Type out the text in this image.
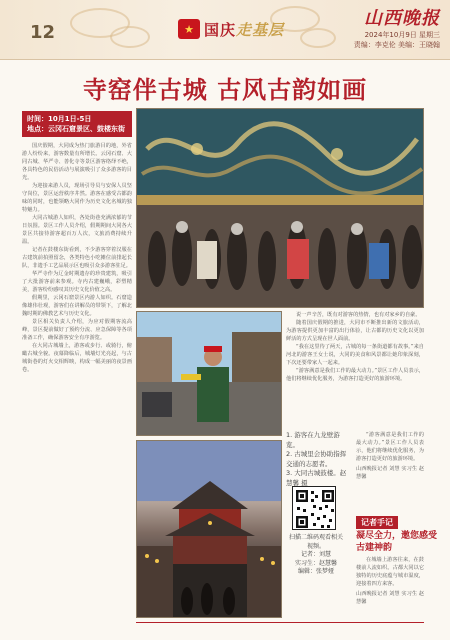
12	★ 国庆走基层
山西晚报
2024年10月9日 星期三
责编：李克伦 美编：王晓翰
寺窑伴古城 古风古韵如画
时间：10月1日-5日
地点：云冈石窟景区、鼓楼东街

国庆假期，大同成为热门旅游目的地，外省游人纷纷来，游客数量有所增长。云冈石窟、大同古城、华严寺、善化寺等景区游客络绎不绝，各具特色的民俗活动与展演吸引了众多游客的目光。

为迎接来游人员，现场引导员与安保人员坚守岗位，景区运营秩序井然。游客在感受古都韵味的同时，也能领略大同作为历史文化名城的独特魅力。

大同古城游人如织，各处街巷充满浓郁的节日氛围。景区工作人员介绍，假期期间大同各大景区共接待游客超百万人次，文旅消费持续升温。

记者在鼓楼东街看到，不少游客穿着汉服在古建筑前拍照留念，各类特色小吃摊位前排起长队，非遗手工艺品展示区也吸引众多游客驻足。

华严寺作为辽金时期遗存的珍贵建筑，吸引了大批游客前来参观。寺内古建巍峨，彩塑精美，游客纷纷感叹其历史文化价值之高。

假期里，云冈石窟景区内游人如织。石窟造像雄伟壮观，游客们在讲解员的带领下，了解北魏时期的佛教艺术与历史文化。

景区相关负责人介绍，为应对假期客流高峰，景区提前做好了预约分流、应急保障等各项准备工作，确保游客安全有序游览。

在大同古城墙上，游客或步行、或骑行，俯瞰古城全貌。夜幕降临后，城墙灯光亮起，与古城街巷的灯火交相辉映，构成一幅美丽的夜景画卷。

说一声辛苦，既有对游客的热情，也有对家乡的自豪。

随着国庆假期的推进，大同市不断推出新的文旅活动，为游客提供更加丰富的出行体验，让古都的历史文化以更加鲜活的方式呈现在世人面前。

“我在这里待了两天，古城的每一条街道都有故事。”来自河北的游客王女士说，大同的美食和风景都让她印象深刻，下次还要带家人一起来。

“游客满意是我们工作的最大动力。”景区工作人员表示，他们将继续优化服务，为游客打造更好的旅游环境。

“游客满意是我们工作的最大动力。”景区工作人员表示，他们将继续优化服务，为游客打造更好的旅游环境。

山西晚报记者 刘慧 实习生 赵慧馨

1. 游客在九龙壁游览。
2. 古城里会协助指挥交通的志愿者。
3. 大同古城鼓楼。赵慧馨 摄
扫描二维码观看相关视频。
记者：刘慧
实习生：赵慧馨
编辑：张梦娅
记者手记
凝尽全力，邀您感受古建神韵

在城墙上游客往来，在鼓楼前人流如织。古都大同以它独特的历史底蕴与城市温度，迎接着四方来客。

山西晚报记者 刘慧 实习生 赵慧馨
